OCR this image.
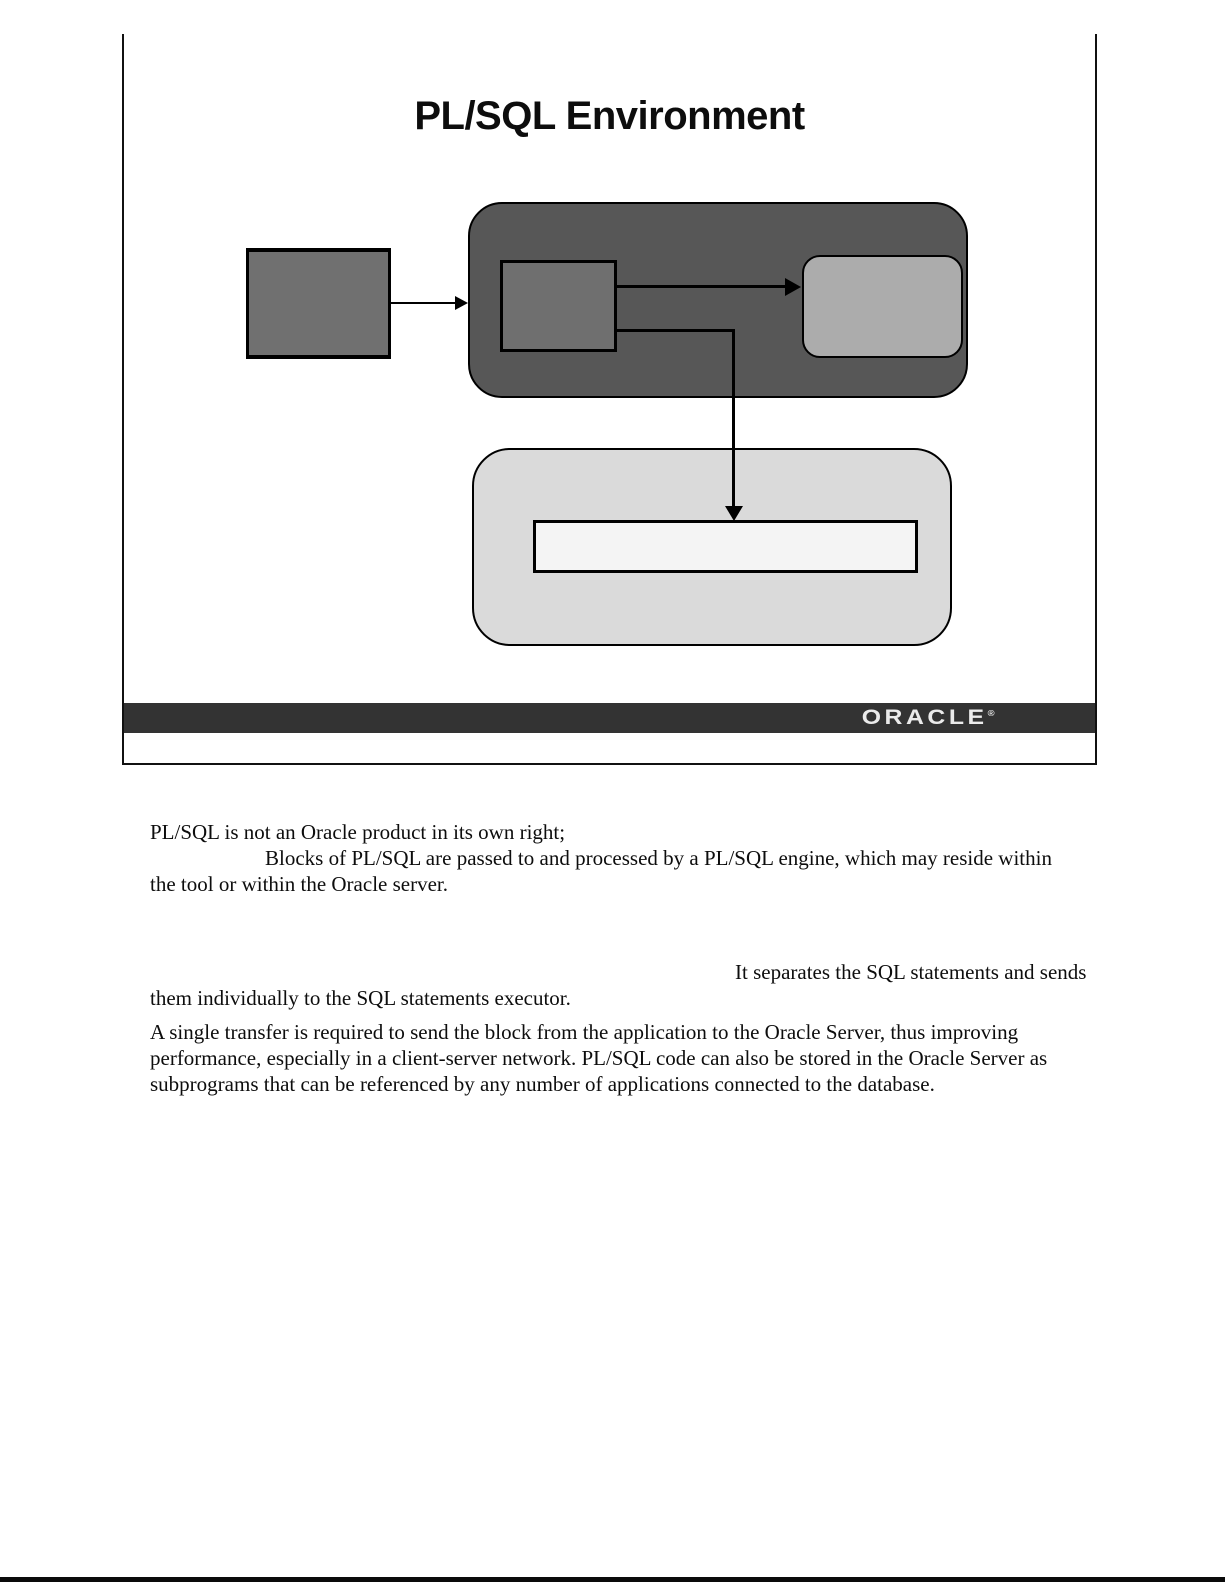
PL/SQL Environment
ORACLE®
PL/SQL is not an Oracle product in its own right;
Blocks of PL/SQL are passed to and processed by a PL/SQL engine, which may reside within
the tool or within the Oracle server.
It separates the SQL statements and sends
them individually to the SQL statements executor.
A single transfer is required to send the block from the application to the Oracle Server, thus improving
performance, especially in a client-server network. PL/SQL code can also be stored in the Oracle Server as
subprograms that can be referenced by any number of applications connected to the database.
